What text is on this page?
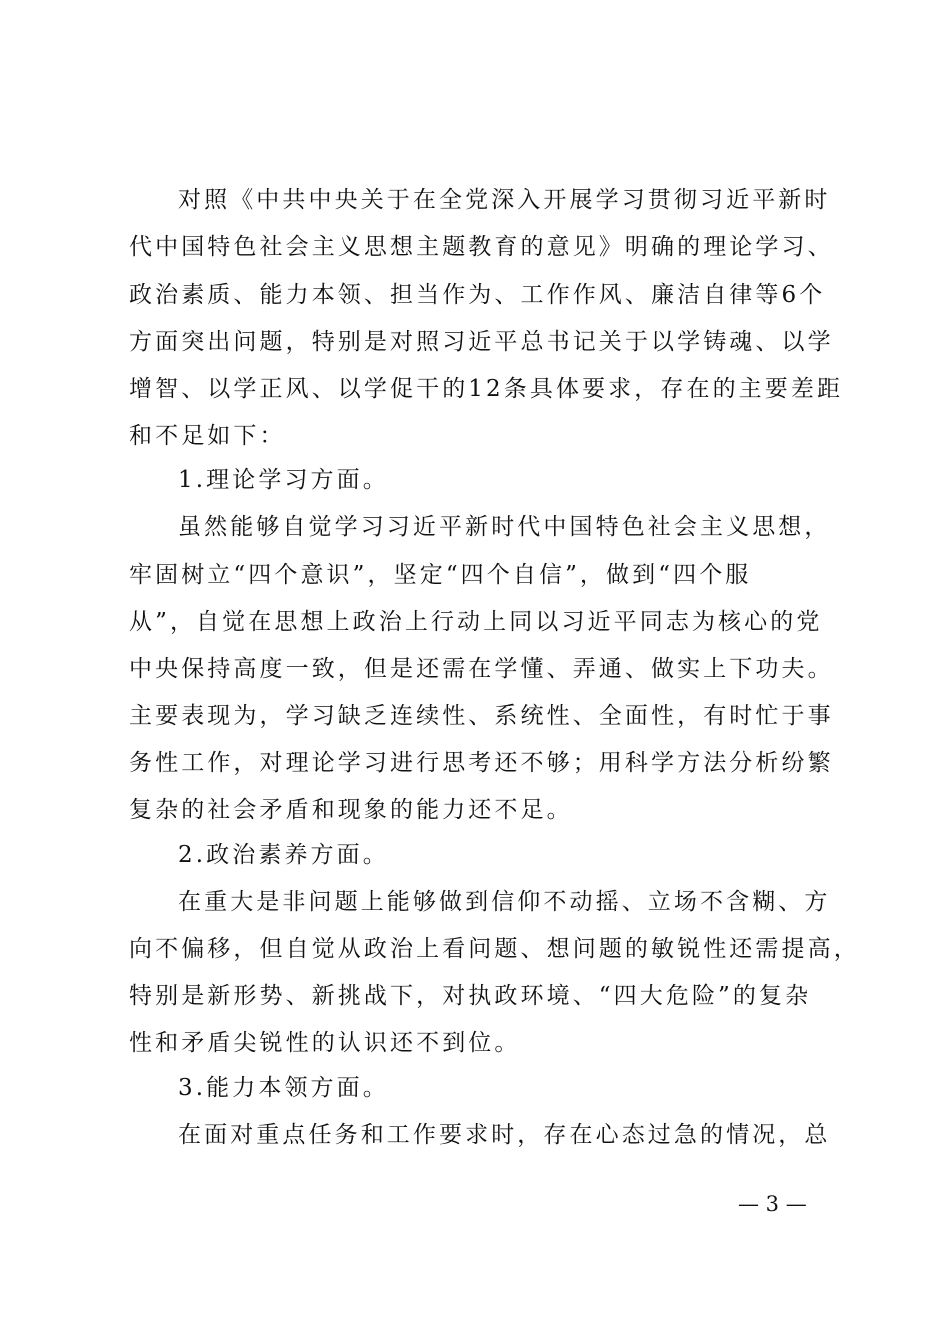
对照《中共中央关于在全党深入开展学习贯彻习近平新时
代中国特色社会主义思想主题教育的意见》明确的理论学习、
政治素质、能力本领、担当作为、工作作风、廉洁自律等6个
方面突出问题，特别是对照习近平总书记关于以学铸魂、以学
增智、以学正风、以学促干的12条具体要求，存在的主要差距
和不足如下：
1.理论学习方面。
虽然能够自觉学习习近平新时代中国特色社会主义思想，
牢固树立“四个意识”，坚定“四个自信”，做到“四个服
从”，自觉在思想上政治上行动上同以习近平同志为核心的党
中央保持高度一致，但是还需在学懂、弄通、做实上下功夫。
主要表现为，学习缺乏连续性、系统性、全面性，有时忙于事
务性工作，对理论学习进行思考还不够；用科学方法分析纷繁
复杂的社会矛盾和现象的能力还不足。
2.政治素养方面。
在重大是非问题上能够做到信仰不动摇、立场不含糊、方
向不偏移，但自觉从政治上看问题、想问题的敏锐性还需提高，
特别是新形势、新挑战下，对执政环境、“四大危险”的复杂
性和矛盾尖锐性的认识还不到位。
3.能力本领方面。
在面对重点任务和工作要求时，存在心态过急的情况，总
— 3 —
